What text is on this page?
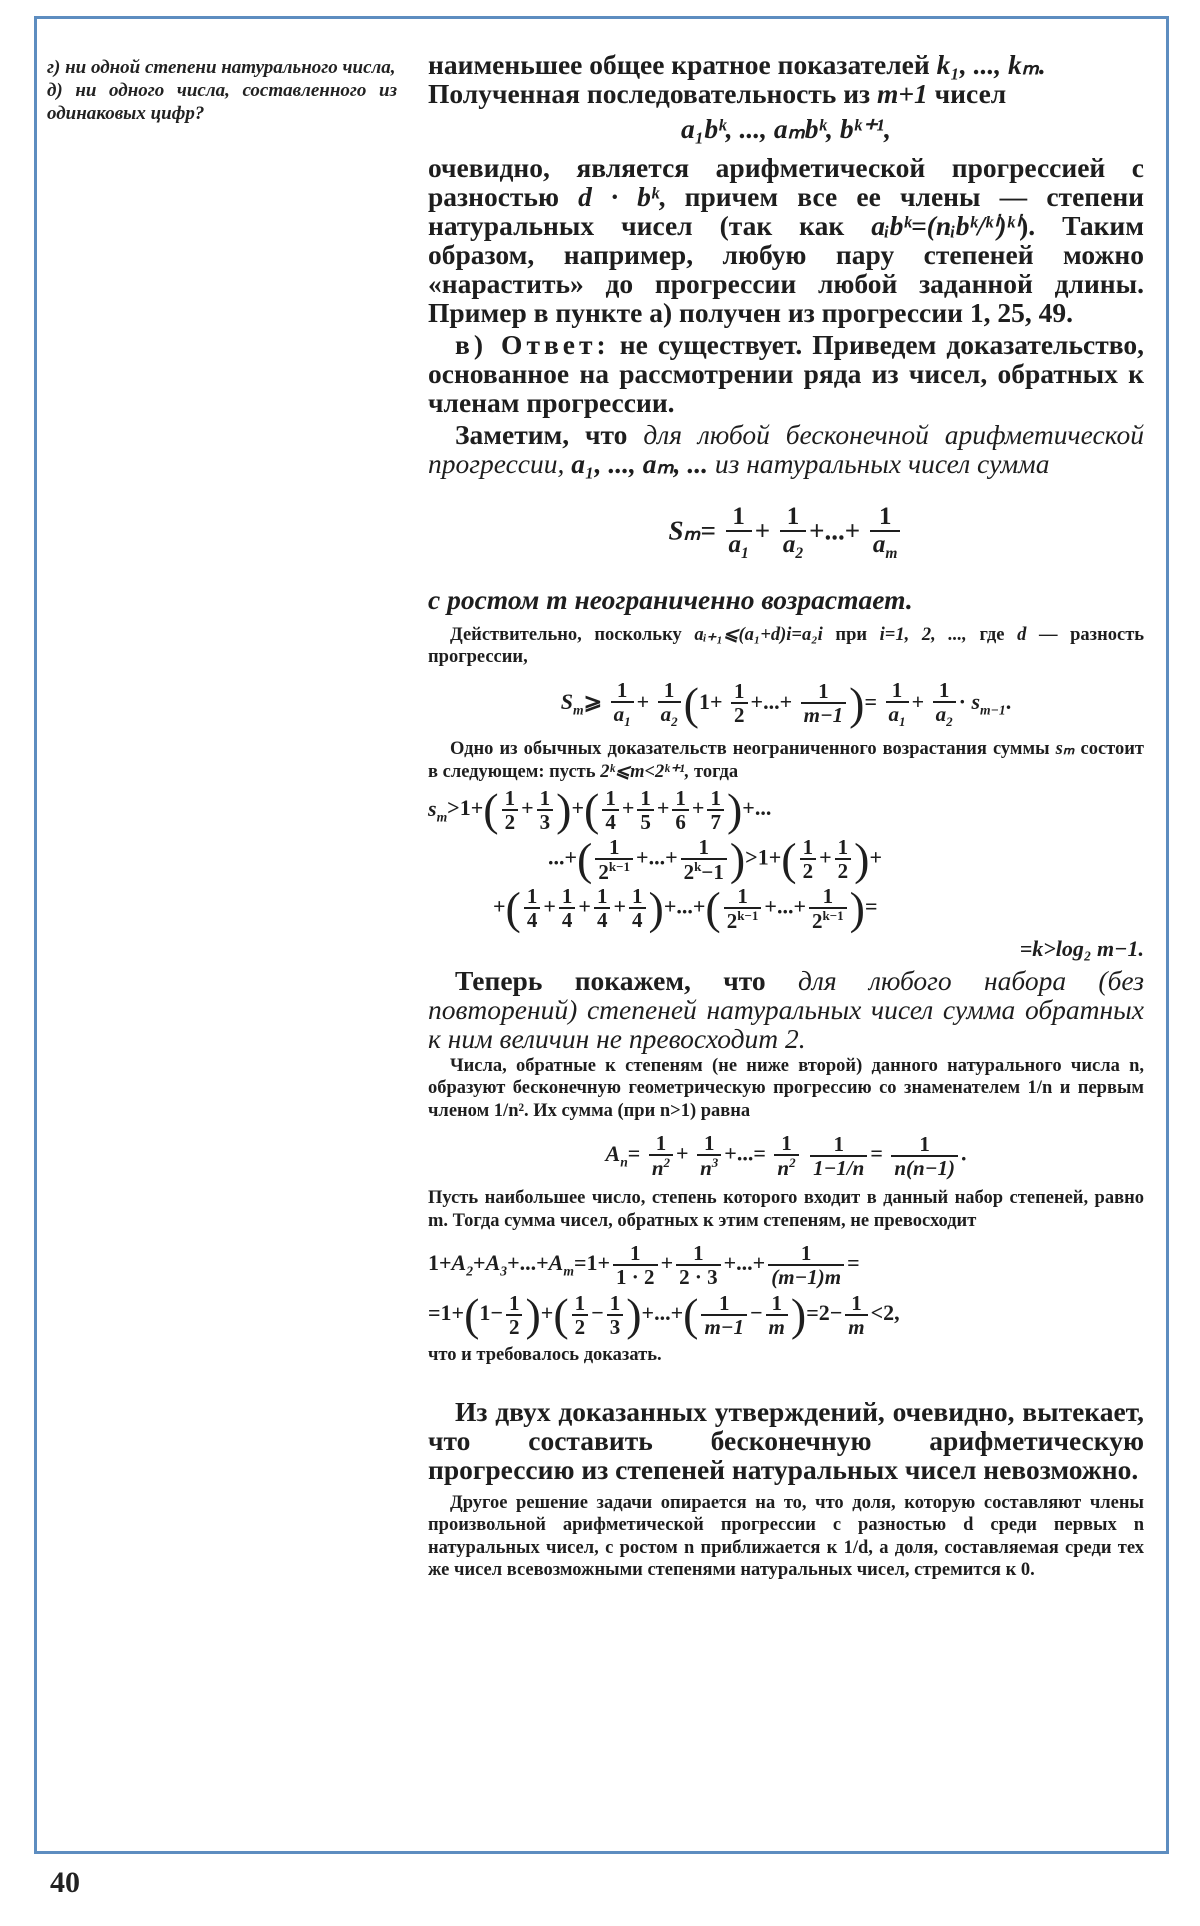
г) ни одной степени натурального числа,

д) ни одного числа, составленного из одинаковых цифр?

наименьшее общее кратное показателей k₁, ..., kₘ.
Полученная последовательность из m+1 чисел

a₁bᵏ, ..., aₘbᵏ, bᵏ⁺¹,

очевидно, является арифметической прогрессией с разностью d · bᵏ, причем все ее члены — степени натуральных чисел (так как aᵢbᵏ=(nᵢbᵏ/ᵏⁱ)ᵏⁱ). Таким образом, например, любую пару степеней можно «нарастить» до прогрессии любой заданной длины. Пример в пункте а) получен из прогрессии 1, 25, 49.

в) Ответ: не существует. Приведем доказательство, основанное на рассмотрении ряда из чисел, обратных к членам прогрессии.

Заметим, что для любой бесконечной арифметической прогрессии, a₁, ..., aₘ, ... из натуральных чисел сумма

$S_m= \frac{1}{a_1} + \frac{1}{a_2}$ +...+ $\frac{1}{a_m}$

с ростом m неограниченно возрастает.

Действительно, поскольку aᵢ₊₁⩽(a₁+d)i=a₂i при i=1, 2, ..., где d — разность прогрессии,

$S_m⩾ \frac{1}{a_1} + \frac{1}{a_2} (1+ \frac{1}{2}$ +...+ $\frac{1}{m-1}$ )= $\frac{1}{a_1} + \frac{1}{a_2} \cdot s_{m-1}$.

Одно из обычных доказательств неограниченного возрастания суммы sₘ состоит в следующем: пусть 2ᵏ⩽m<2ᵏ⁺¹, тогда

$s_m>1+( \frac{1}{2} + \frac{1}{3}$ )+( $\frac{1}{4} + \frac{1}{5} + \frac{1}{6} + \frac{1}{7}$ )+...
...+( $\frac{1}{2^{k-1}}$ +...+ $\frac{1}{2^k-1} )>1+( \frac{1}{2} + \frac{1}{2}$ )+
+( $\frac{1}{4} + \frac{1}{4} + \frac{1}{4} + \frac{1}{4}$ )+...+( $\frac{1}{2^{k-1}}$ +...+ $\frac{1}{2^{k-1}}$ )=

=k>log₂ m−1.

Теперь покажем, что для любого набора (без повторений) степеней натуральных чисел сумма обратных к ним величин не превосходит 2.

Числа, обратные к степеням (не ниже второй) данного натурального числа n, образуют бесконечную геометрическую прогрессию со знаменателем 1/n и первым членом 1/n². Их сумма (при n>1) равна

$A_n= \frac{1}{n^2} + \frac{1}{n^3}$ +...= $\frac{1}{n^2}$
$\frac{1}{1-1/n} = \frac{1}{n(n-1)}$ .

Пусть наибольшее число, степень которого входит в данный набор степеней, равно m. Тогда сумма чисел, обратных к этим степеням, не превосходит

$1+A_2+A_3+...+A_m=1+ \frac{1}{1 \cdot 2} + \frac{1}{2 \cdot 3}$ +...+ $\frac{1}{(m-1)m}$ =
$=1+(1- \frac{1}{2}$ )+( $\frac{1}{2} - \frac{1}{3}$ )+...+( $\frac{1}{m-1} - \frac{1}{m} )=2- \frac{1}{m} <2$,

что и требовалось доказать.

Из двух доказанных утверждений, очевидно, вытекает, что составить бесконечную арифметическую прогрессию из степеней натуральных чисел невозможно.

Другое решение задачи опирается на то, что доля, которую составляют члены произвольной арифметической прогрессии с разностью d среди первых n натуральных чисел, с ростом n приближается к 1/d, а доля, составляемая среди тех же чисел всевозможными степенями натуральных чисел, стремится к 0.

40
